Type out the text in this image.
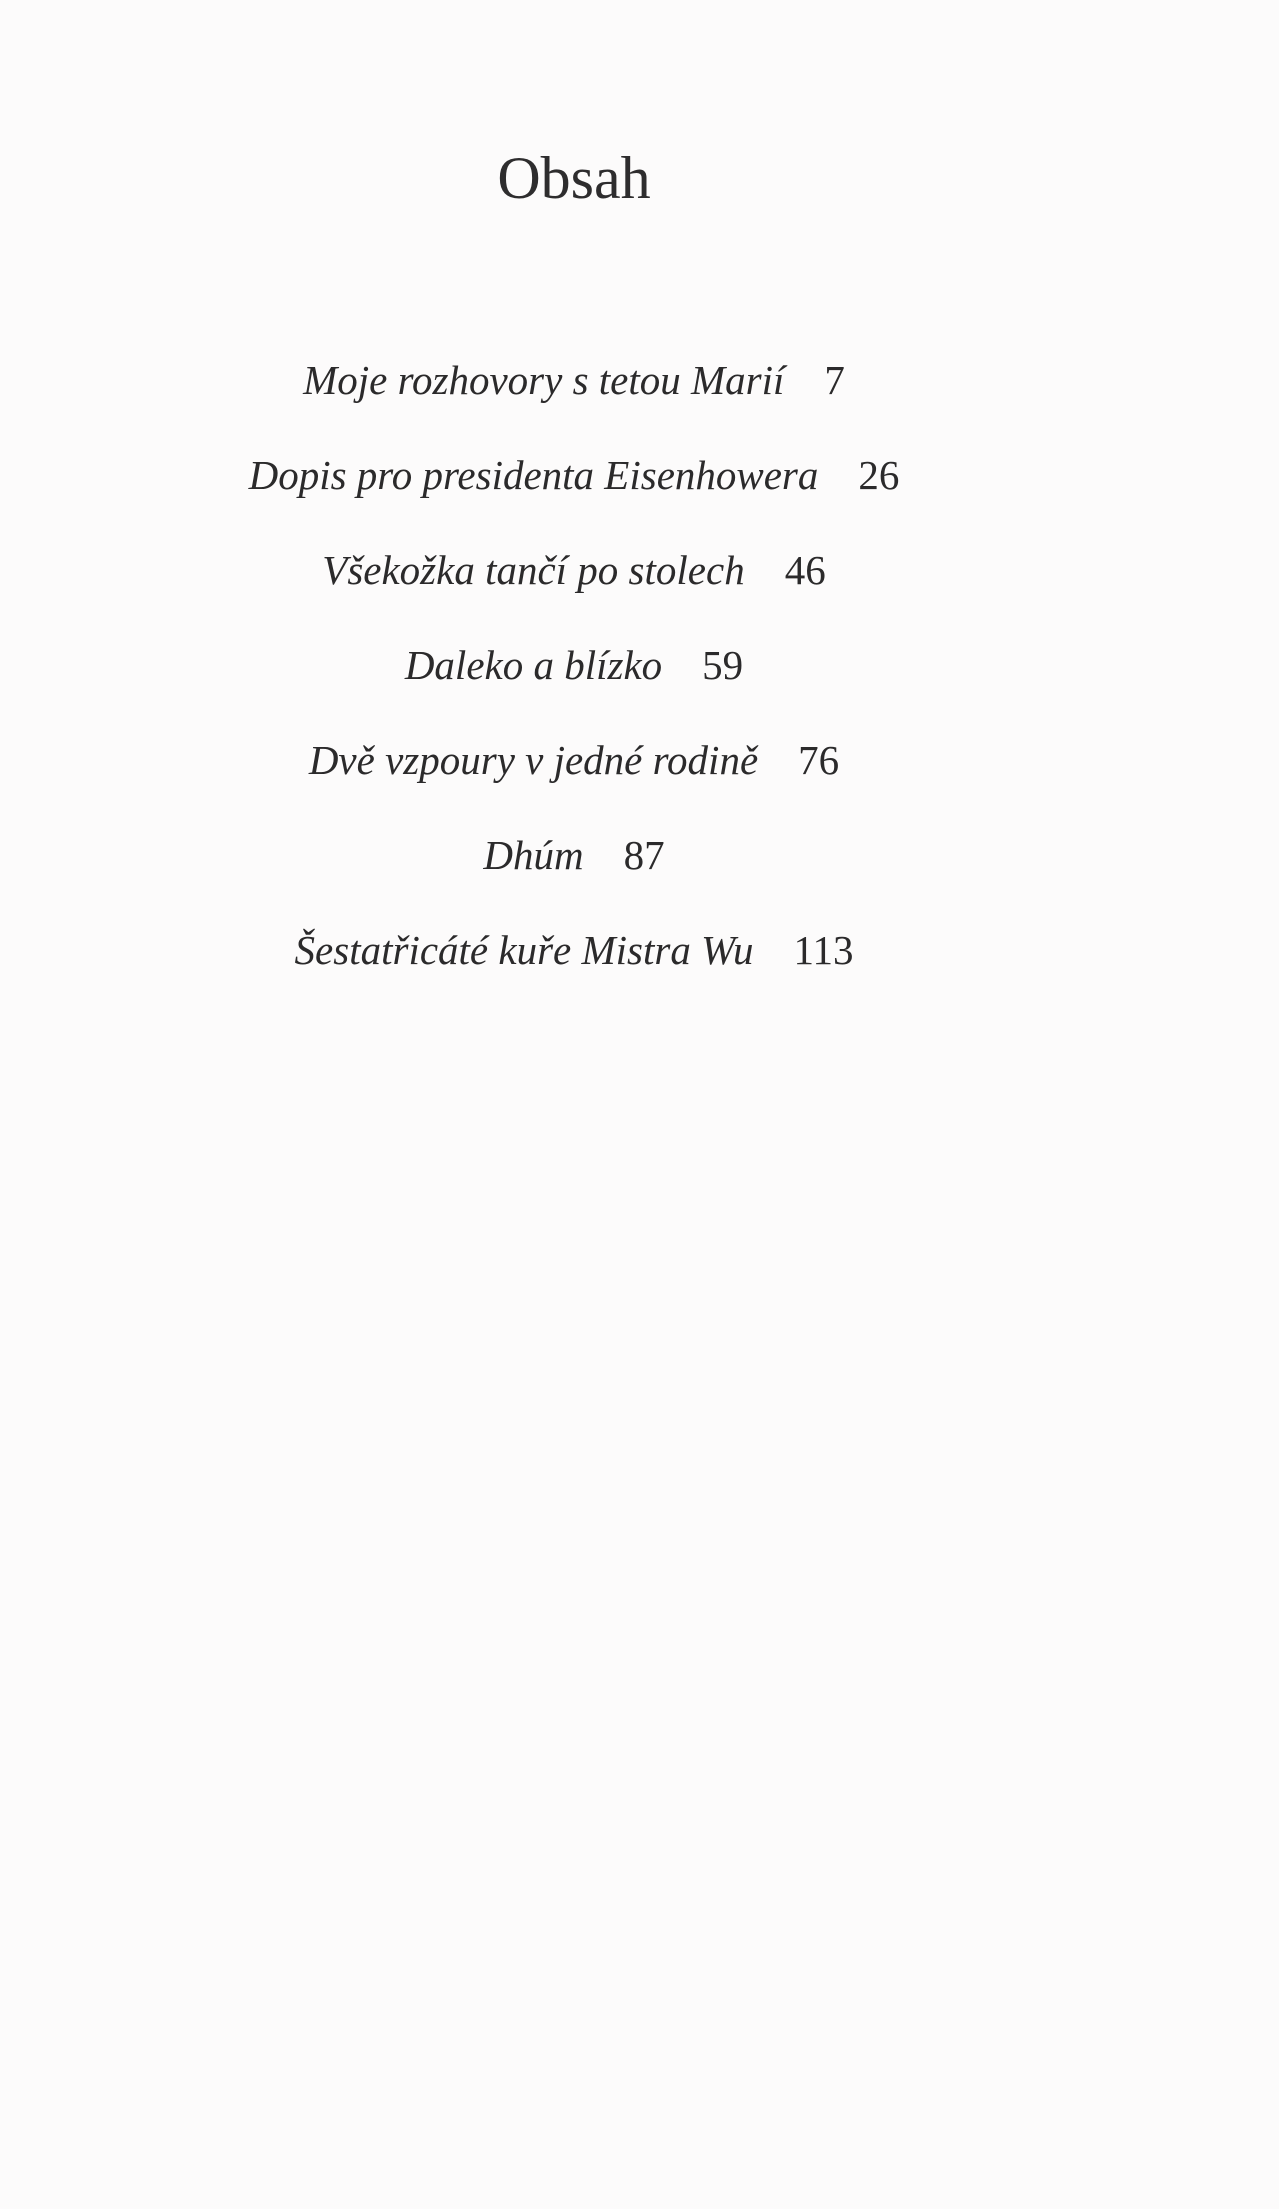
Obsah
Moje rozhovory s tetou Marií 7
Dopis pro presidenta Eisenhowera 26
Všekožka tančí po stolech 46
Daleko a blízko 59
Dvě vzpoury v jedné rodině 76
Dhúm 87
Šestatřicáté kuře Mistra Wu 113
